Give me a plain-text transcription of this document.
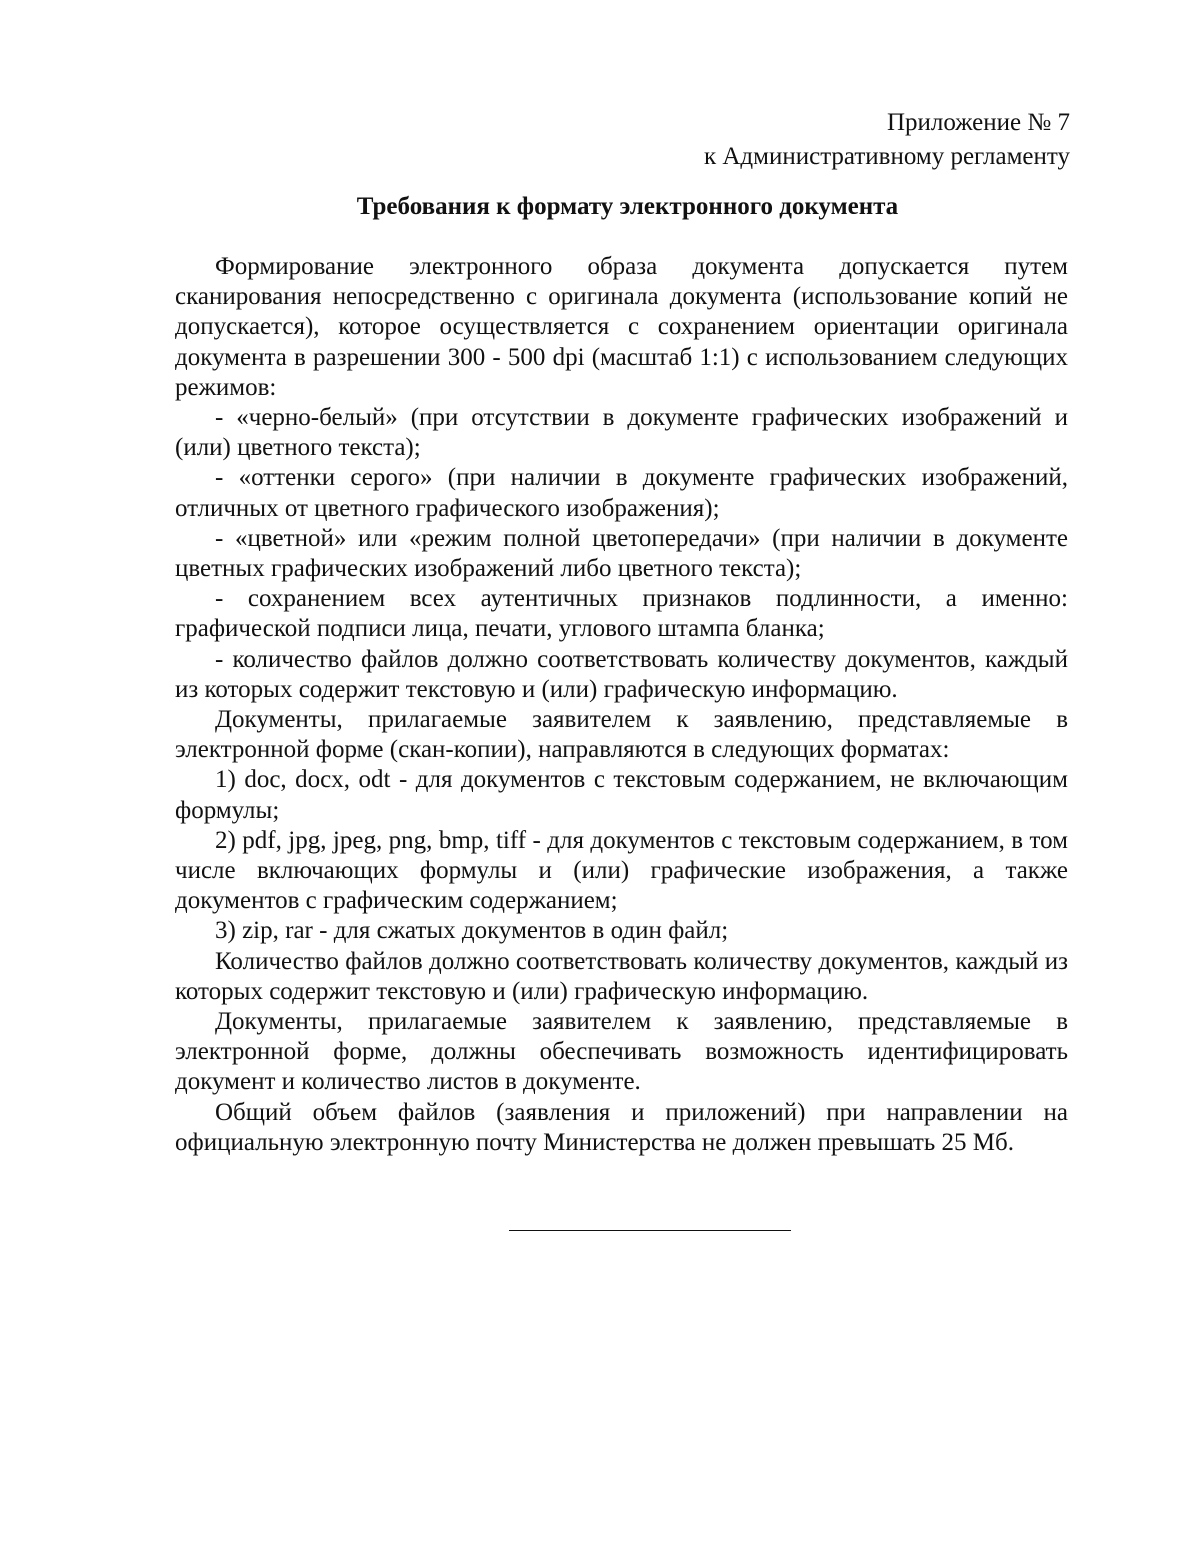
Приложение № 7
к Административному регламенту
Требования к формату электронного документа

Формирование электронного образа документа допускается путем сканирования непосредственно с оригинала документа (использование копий не допускается), которое осуществляется с сохранением ориентации оригинала документа в разрешении 300 - 500 dpi (масштаб 1:1) с использованием следующих режимов:

- «черно-белый» (при отсутствии в документе графических изображений и (или) цветного текста);

- «оттенки серого» (при наличии в документе графических изображений, отличных от цветного графического изображения);

- «цветной» или «режим полной цветопередачи» (при наличии в документе цветных графических изображений либо цветного текста);

- сохранением всех аутентичных признаков подлинности, а именно: графической подписи лица, печати, углового штампа бланка;

- количество файлов должно соответствовать количеству документов, каждый из которых содержит текстовую и (или) графическую информацию.

Документы, прилагаемые заявителем к заявлению, представляемые в электронной форме (скан-копии), направляются в следующих форматах:

1) doc, docx, odt - для документов с текстовым содержанием, не включающим формулы;

2) pdf, jpg, jpeg, png, bmp, tiff - для документов с текстовым содержанием, в том числе включающих формулы и (или) графические изображения, а также документов с графическим содержанием;

3) zip, rar - для сжатых документов в один файл;

Количество файлов должно соответствовать количеству документов, каждый из которых содержит текстовую и (или) графическую информацию.

Документы, прилагаемые заявителем к заявлению, представляемые в электронной форме, должны обеспечивать возможность идентифицировать документ и количество листов в документе.

Общий объем файлов (заявления и приложений) при направлении на официальную электронную почту Министерства не должен превышать 25 Мб.
